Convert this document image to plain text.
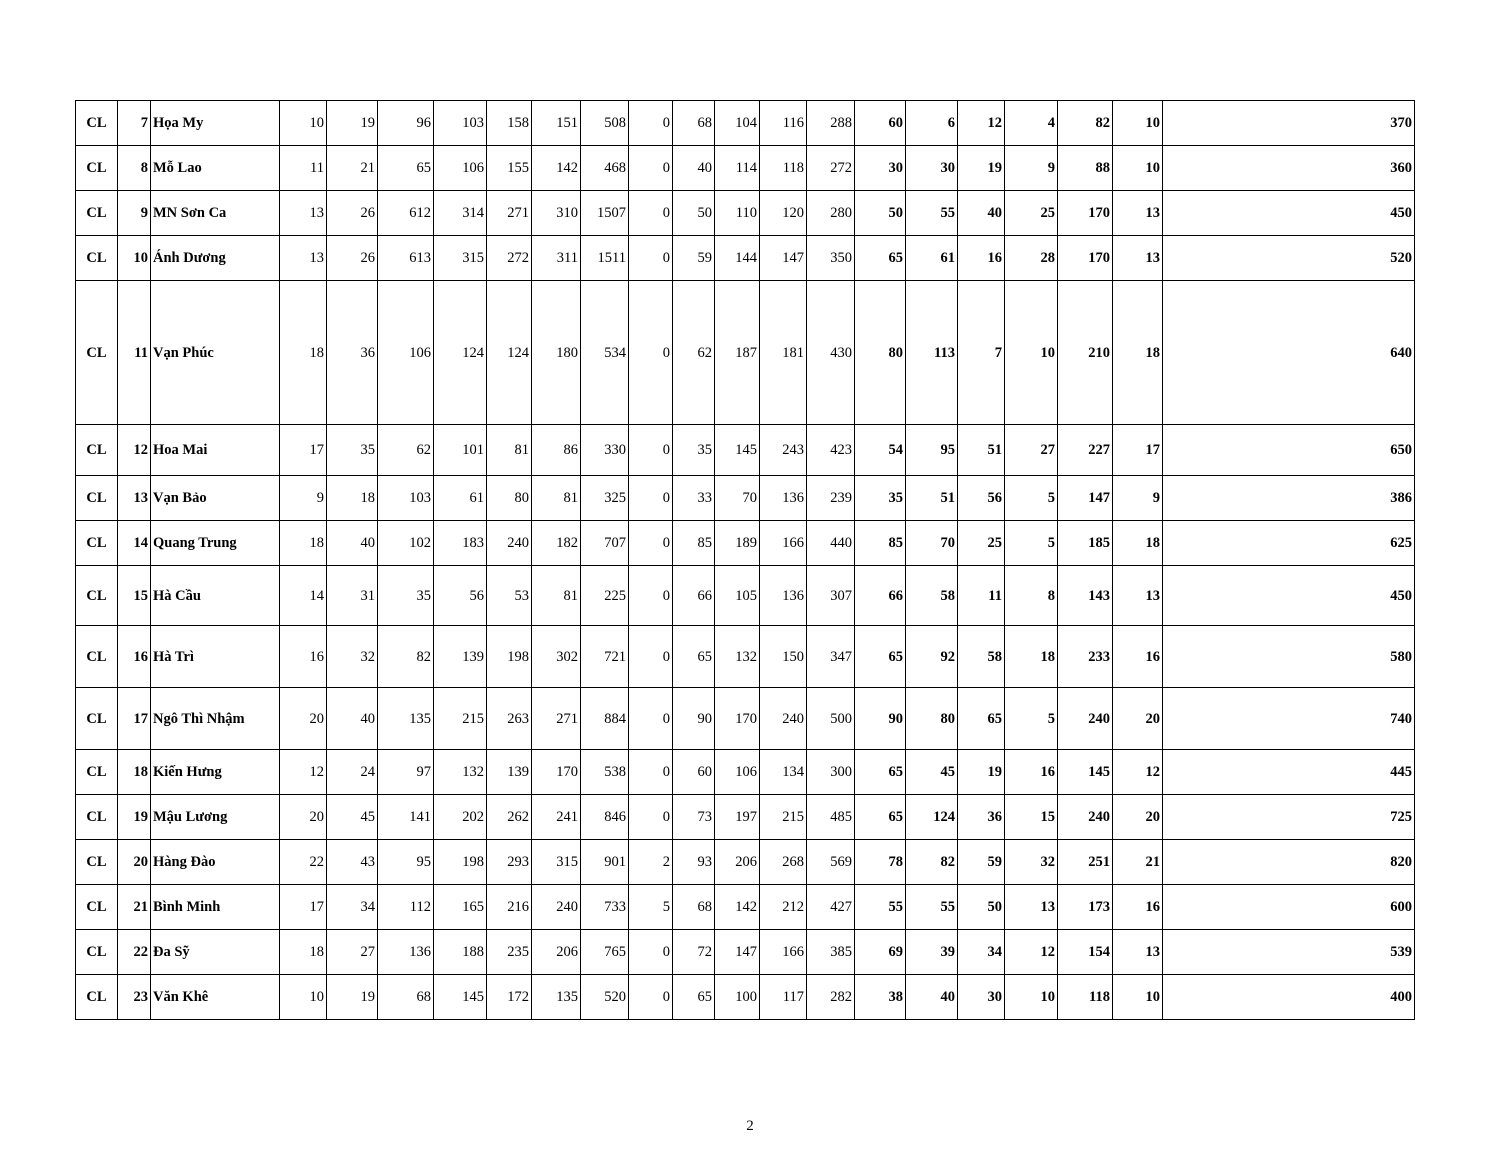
CL	7	Họa My	10	19	96	103	158	151	508	0	68	104	116	288	60	6	12	4	82	10	370	

CL	8	Mỗ Lao	11	21	65	106	155	142	468	0	40	114	118	272	30	30	19	9	88	10	360	

CL	9	MN Sơn Ca	13	26	612	314	271	310	1507	0	50	110	120	280	50	55	40	25	170	13	450	

CL	10	Ánh Dương	13	26	613	315	272	311	1511	0	59	144	147	350	65	61	16	28	170	13	520	

CL	11	Vạn Phúc	18	36	106	124	124	180	534	0	62	187	181	430	80	113	7	10	210	18	640	

CL	12	Hoa Mai	17	35	62	101	81	86	330	0	35	145	243	423	54	95	51	27	227	17	650	

CL	13	Vạn Bảo	9	18	103	61	80	81	325	0	33	70	136	239	35	51	56	5	147	9	386	

CL	14	Quang Trung	18	40	102	183	240	182	707	0	85	189	166	440	85	70	25	5	185	18	625	

CL	15	Hà Cầu	14	31	35	56	53	81	225	0	66	105	136	307	66	58	11	8	143	13	450	

CL	16	Hà Trì	16	32	82	139	198	302	721	0	65	132	150	347	65	92	58	18	233	16	580	

CL	17	Ngô Thì Nhậm	20	40	135	215	263	271	884	0	90	170	240	500	90	80	65	5	240	20	740	

CL	18	Kiến Hưng	12	24	97	132	139	170	538	0	60	106	134	300	65	45	19	16	145	12	445	

CL	19	Mậu Lương	20	45	141	202	262	241	846	0	73	197	215	485	65	124	36	15	240	20	725	

CL	20	Hàng Đào	22	43	95	198	293	315	901	2	93	206	268	569	78	82	59	32	251	21	820	

CL	21	Bình Minh	17	34	112	165	216	240	733	5	68	142	212	427	55	55	50	13	173	16	600	

CL	22	Đa Sỹ	18	27	136	188	235	206	765	0	72	147	166	385	69	39	34	12	154	13	539	

CL	23	Văn Khê	10	19	68	145	172	135	520	0	65	100	117	282	38	40	30	10	118	10	400	
2
